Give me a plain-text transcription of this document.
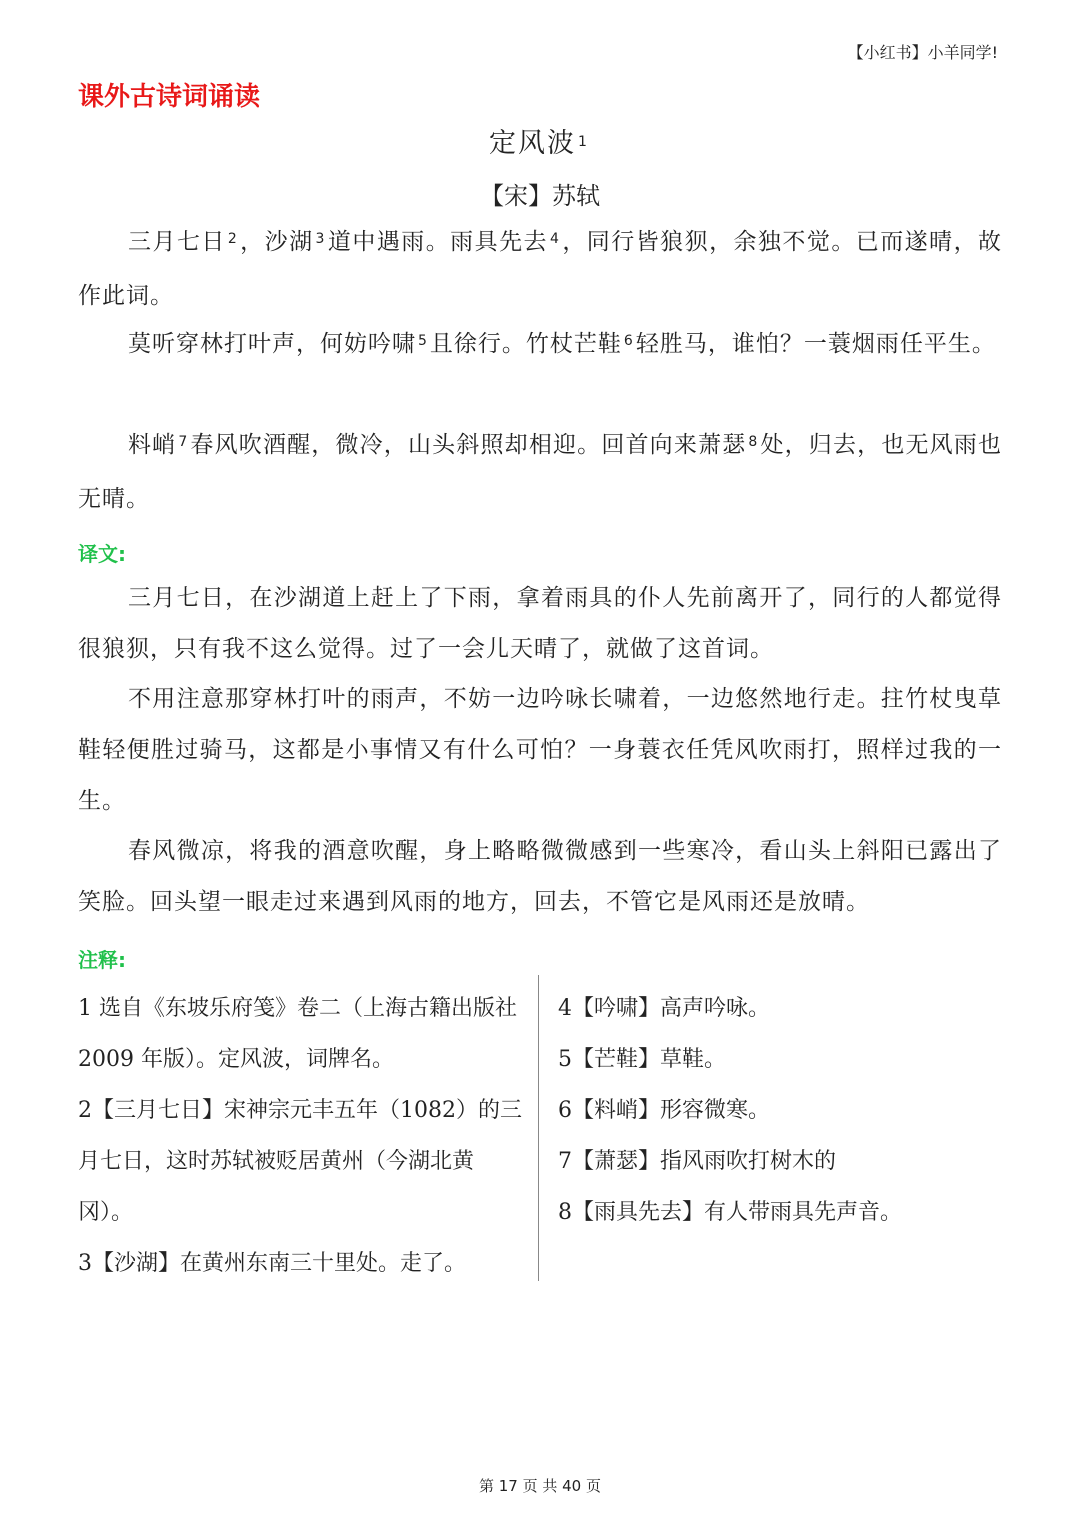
【小红书】小羊同学!
课外古诗词诵读
定风波 $^1$
【宋】苏轼

三月七日 $^2$，沙湖 $^3$道中遇雨。雨具先去 $^4$，同行皆狼狈，余独不觉。已而遂晴，故作此词。

莫听穿林打叶声，何妨吟啸 $^5$且徐行。竹杖芒鞋 $^6$轻胜马，谁怕？一蓑烟雨任平生。

料峭 $^7$春风吹酒醒，微冷，山头斜照却相迎。回首向来萧瑟 $^8$处，归去，也无风雨也无晴。

译文:

三月七日，在沙湖道上赶上了下雨，拿着雨具的仆人先前离开了，同行的人都觉得很狼狈，只有我不这么觉得。过了一会儿天晴了，就做了这首词。

不用注意那穿林打叶的雨声，不妨一边吟咏长啸着，一边悠然地行走。拄竹杖曳草鞋轻便胜过骑马，这都是小事情又有什么可怕？一身蓑衣任凭风吹雨打，照样过我的一生。

春风微凉，将我的酒意吹醒，身上略略微微感到一些寒冷，看山头上斜阳已露出了笑脸。回头望一眼走过来遇到风雨的地方，回去，不管它是风雨还是放晴。

注释:

1 选自《东坡乐府笺》卷二（上海古籍出版社 2009 年版）。定风波，词牌名。

2【三月七日】宋神宗元丰五年（1082）的三月七日，这时苏轼被贬居黄州（今湖北黄冈）。

3【沙湖】在黄州东南三十里处。走了。

4【吟啸】高声吟咏。

5【芒鞋】草鞋。

6【料峭】形容微寒。

7【萧瑟】指风雨吹打树木的

8【雨具先去】有人带雨具先声音。

第 17 页 共 40 页
